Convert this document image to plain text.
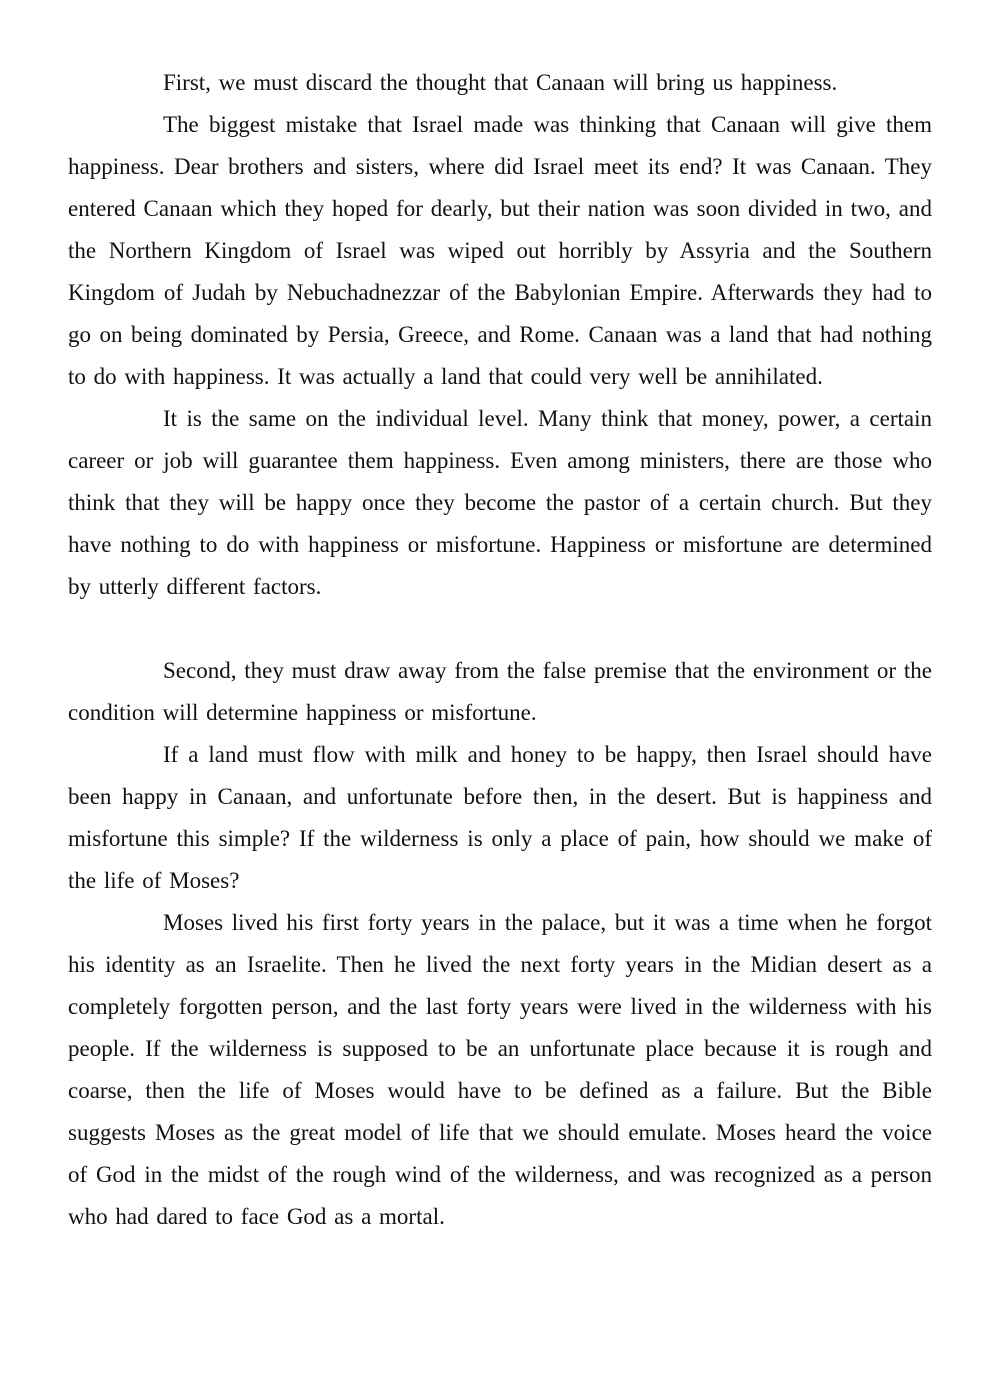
First, we must discard the thought that Canaan will bring us happiness.

The biggest mistake that Israel made was thinking that Canaan will give them happiness. Dear brothers and sisters, where did Israel meet its end? It was Canaan. They entered Canaan which they hoped for dearly, but their nation was soon divided in two, and the Northern Kingdom of Israel was wiped out horribly by Assyria and the Southern Kingdom of Judah by Nebuchadnezzar of the Babylonian Empire. Afterwards they had to go on being dominated by Persia, Greece, and Rome. Canaan was a land that had nothing to do with happiness. It was actually a land that could very well be annihilated.

It is the same on the individual level. Many think that money, power, a certain career or job will guarantee them happiness. Even among ministers, there are those who think that they will be happy once they become the pastor of a certain church. But they have nothing to do with happiness or misfortune. Happiness or misfortune are determined by utterly different factors.

Second, they must draw away from the false premise that the environment or the condition will determine happiness or misfortune.

If a land must flow with milk and honey to be happy, then Israel should have been happy in Canaan, and unfortunate before then, in the desert. But is happiness and misfortune this simple? If the wilderness is only a place of pain, how should we make of the life of Moses?

Moses lived his first forty years in the palace, but it was a time when he forgot his identity as an Israelite. Then he lived the next forty years in the Midian desert as a completely forgotten person, and the last forty years were lived in the wilderness with his people. If the wilderness is supposed to be an unfortunate place because it is rough and coarse, then the life of Moses would have to be defined as a failure. But the Bible suggests Moses as the great model of life that we should emulate. Moses heard the voice of God in the midst of the rough wind of the wilderness, and was recognized as a person who had dared to face God as a mortal.
